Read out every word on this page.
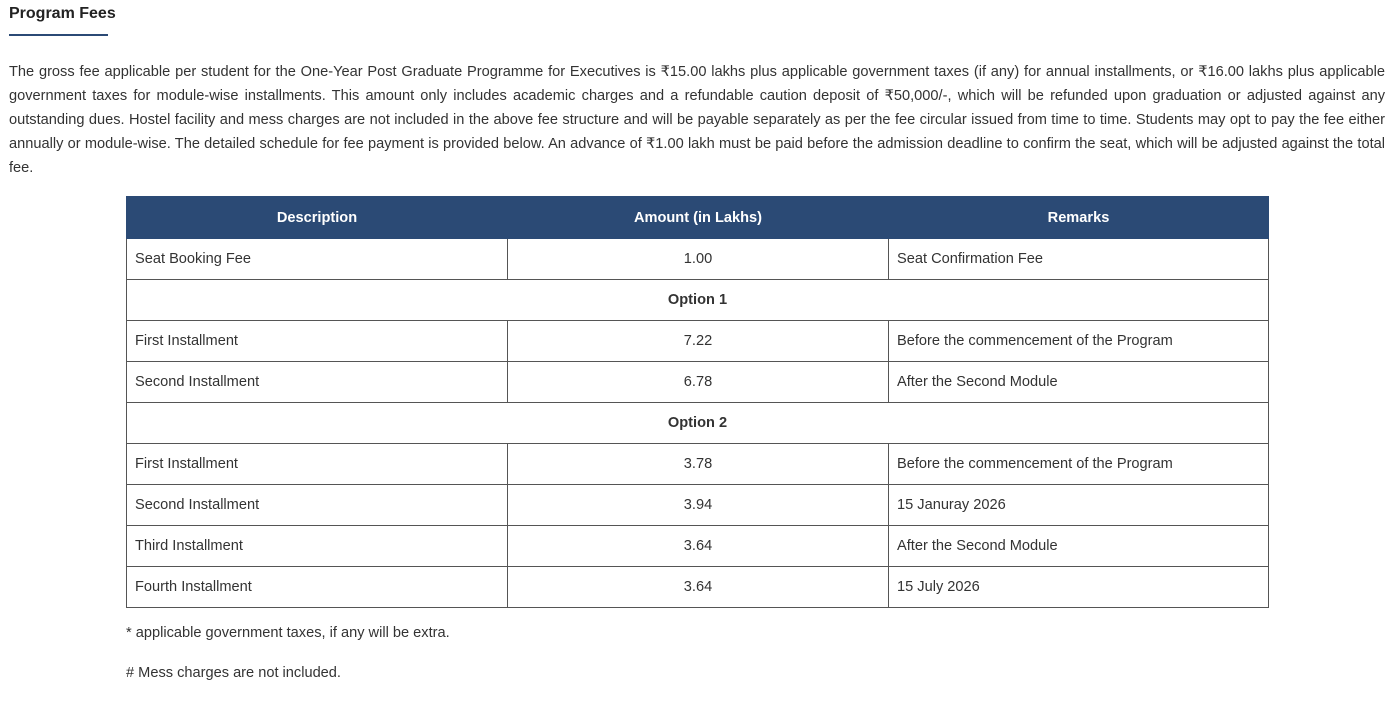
Program Fees

The gross fee applicable per student for the One-Year Post Graduate Programme for Executives is ₹15.00 lakhs plus applicable government taxes (if any) for annual installments, or ₹16.00 lakhs plus applicable government taxes for module-wise installments. This amount only includes academic charges and a refundable caution deposit of ₹50,000/-, which will be refunded upon graduation or adjusted against any outstanding dues. Hostel facility and mess charges are not included in the above fee structure and will be payable separately as per the fee circular issued from time to time. Students may opt to pay the fee either annually or module-wise. The detailed schedule for fee payment is provided below. An advance of ₹1.00 lakh must be paid before the admission deadline to confirm the seat, which will be adjusted against the total fee.

Description	Amount (in Lakhs)	Remarks
Seat Booking Fee	1.00	Seat Confirmation Fee
Option 1		
First Installment	7.22	Before the commencement of the Program
Second Installment	6.78	After the Second Module
Option 2		
First Installment	3.78	Before the commencement of the Program
Second Installment	3.94	15 Januray 2026
Third Installment	3.64	After the Second Module
Fourth Installment	3.64	15 July 2026

* applicable government taxes, if any will be extra.

# Mess charges are not included.
